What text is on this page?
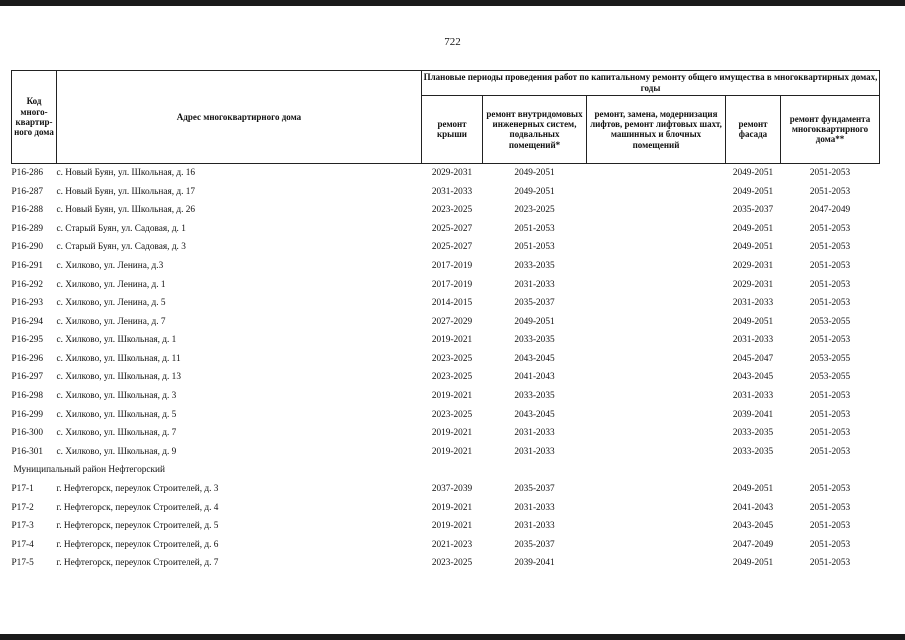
722
Код много-квартир-ного дома	Адрес многоквартирного дома	Плановые периоды проведения работ по капитальному ремонту общего имущества в многоквартирных домах, годы				
		ремонт крыши	ремонт внутридомовых инженерных систем, подвальных помещений*	ремонт, замена, модернизация лифтов, ремонт лифтовых шахт, машинных и блочных помещений	ремонт фасада	ремонт фундамента многоквартирного дома**
Р16-286	с. Новый Буян, ул. Школьная, д. 16	2029-2031	2049-2051		2049-2051	2051-2053
Р16-287	с. Новый Буян, ул. Школьная, д. 17	2031-2033	2049-2051		2049-2051	2051-2053
Р16-288	с. Новый Буян, ул. Школьная, д. 26	2023-2025	2023-2025		2035-2037	2047-2049
Р16-289	с. Старый Буян, ул. Садовая, д. 1	2025-2027	2051-2053		2049-2051	2051-2053
Р16-290	с. Старый Буян, ул. Садовая, д. 3	2025-2027	2051-2053		2049-2051	2051-2053
Р16-291	с. Хилково, ул. Ленина, д.3	2017-2019	2033-2035		2029-2031	2051-2053
Р16-292	с. Хилково, ул. Ленина, д. 1	2017-2019	2031-2033		2029-2031	2051-2053
Р16-293	с. Хилково, ул. Ленина, д. 5	2014-2015	2035-2037		2031-2033	2051-2053
Р16-294	с. Хилково, ул. Ленина, д. 7	2027-2029	2049-2051		2049-2051	2053-2055
Р16-295	с. Хилково, ул. Школьная, д. 1	2019-2021	2033-2035		2031-2033	2051-2053
Р16-296	с. Хилково, ул. Школьная, д. 11	2023-2025	2043-2045		2045-2047	2053-2055
Р16-297	с. Хилково, ул. Школьная, д. 13	2023-2025	2041-2043		2043-2045	2053-2055
Р16-298	с. Хилково, ул. Школьная, д. 3	2019-2021	2033-2035		2031-2033	2051-2053
Р16-299	с. Хилково, ул. Школьная, д. 5	2023-2025	2043-2045		2039-2041	2051-2053
Р16-300	с. Хилково, ул. Школьная, д. 7	2019-2021	2031-2033		2033-2035	2051-2053
Р16-301	с. Хилково, ул. Школьная, д. 9	2019-2021	2031-2033		2033-2035	2051-2053
Муниципальный район Нефтегорский						
Р17-1	г. Нефтегорск, переулок Строителей, д. 3	2037-2039	2035-2037		2049-2051	2051-2053
Р17-2	г. Нефтегорск, переулок Строителей, д. 4	2019-2021	2031-2033		2041-2043	2051-2053
Р17-3	г. Нефтегорск, переулок Строителей, д. 5	2019-2021	2031-2033		2043-2045	2051-2053
Р17-4	г. Нефтегорск, переулок Строителей, д. 6	2021-2023	2035-2037		2047-2049	2051-2053
Р17-5	г. Нефтегорск, переулок Строителей, д. 7	2023-2025	2039-2041		2049-2051	2051-2053
